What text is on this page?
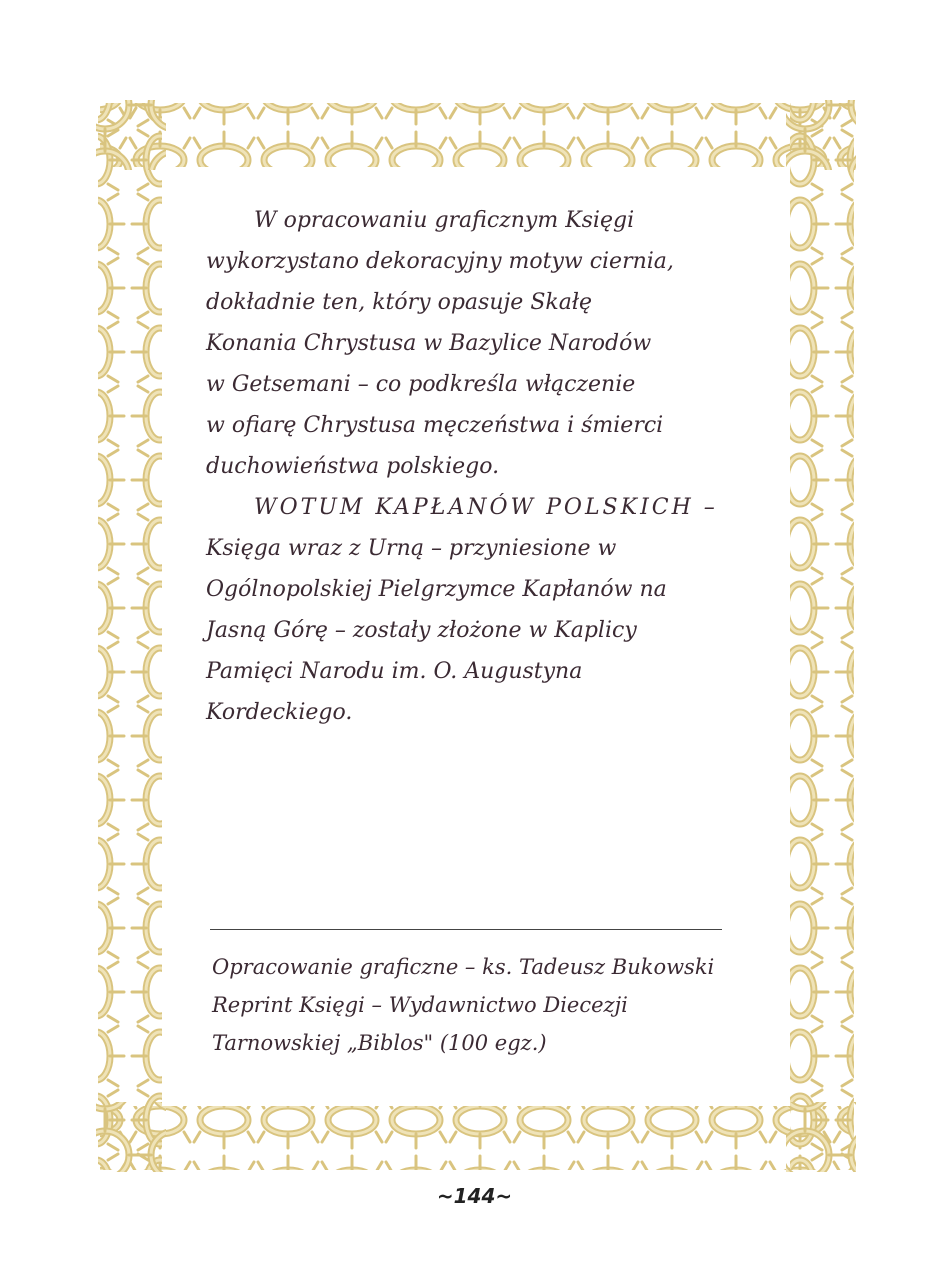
W opracowaniu graficznym Księgi
wykorzystano dekoracyjny motyw ciernia,
dokładnie ten, który opasuje Skałę
Konania Chrystusa w Bazylice Narodów
w Getsemani – co podkreśla włączenie
w ofiarę Chrystusa męczeństwa i śmierci
duchowieństwa polskiego.
WOTUM KAPŁANÓW POLSKICH –
Księga wraz z Urną – przyniesione w
Ogólnopolskiej Pielgrzymce Kapłanów na
Jasną Górę – zostały złożone w Kaplicy
Pamięci Narodu im. O. Augustyna
Kordeckiego.
Opracowanie graficzne – ks. Tadeusz Bukowski
Reprint Księgi – Wydawnictwo Diecezji
Tarnowskiej „Biblos" (100 egz.)
~144~
